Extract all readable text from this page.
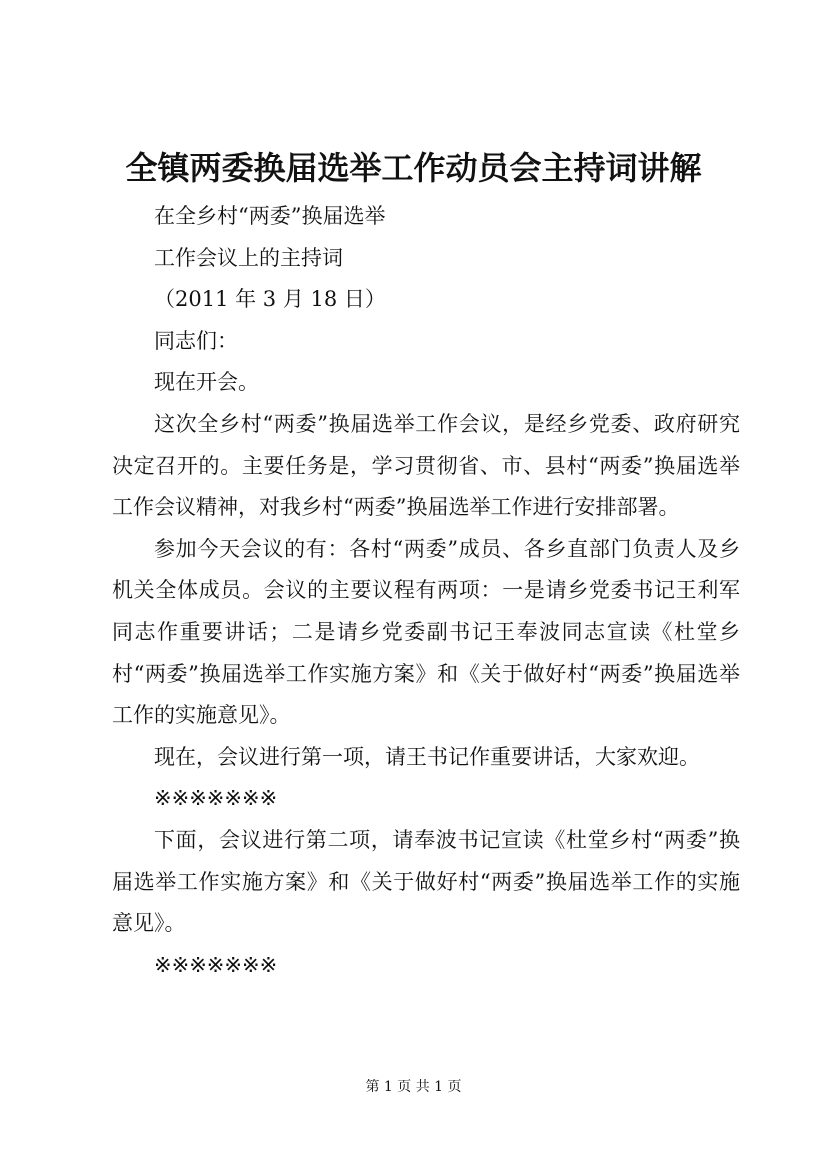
全镇两委换届选举工作动员会主持词讲解

在全乡村“两委”换届选举

工作会议上的主持词

（2011 年 3 月 18 日）

同志们：

现在开会。

这次全乡村“两委”换届选举工作会议，是经乡党委、政府研究决定召开的。主要任务是，学习贯彻省、市、县村“两委”换届选举工作会议精神，对我乡村“两委”换届选举工作进行安排部署。

参加今天会议的有：各村“两委”成员、各乡直部门负责人及乡机关全体成员。会议的主要议程有两项：一是请乡党委书记王利军同志作重要讲话；二是请乡党委副书记王奉波同志宣读《杜堂乡村“两委”换届选举工作实施方案》和《关于做好村“两委”换届选举工作的实施意见》。

现在，会议进行第一项，请王书记作重要讲话，大家欢迎。

※※※※※※※

下面，会议进行第二项，请奉波书记宣读《杜堂乡村“两委”换届选举工作实施方案》和《关于做好村“两委”换届选举工作的实施意见》。

※※※※※※※

第 1 页 共 1 页
